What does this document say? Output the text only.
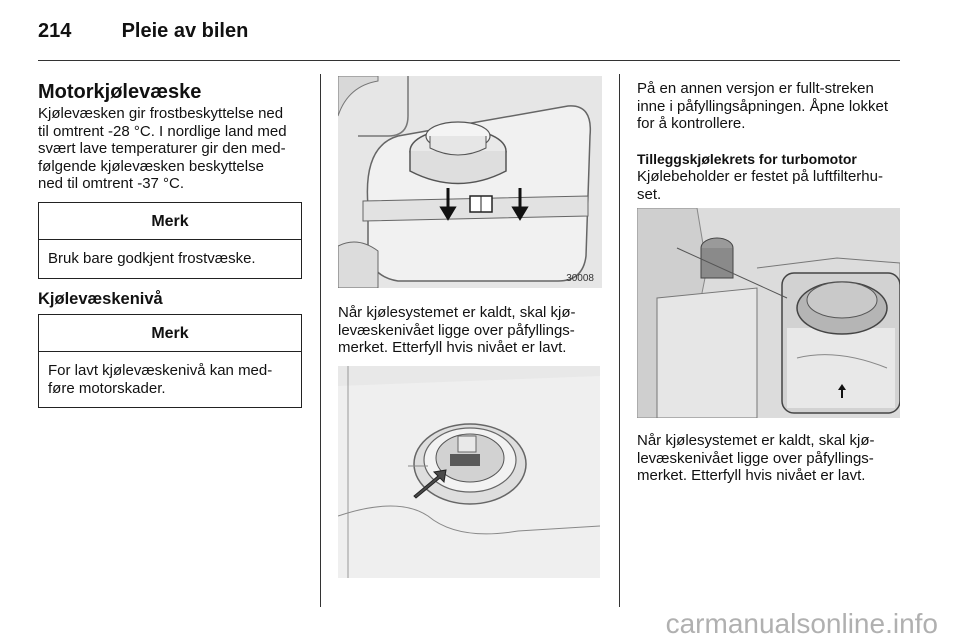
214	Pleie av bilen
Motorkjølevæske

Kjølevæsken gir frostbeskyttelse ned
til omtrent -28 °C. I nordlige land med
svært lave temperaturer gir den med-
følgende kjølevæsken beskyttelse
ned til omtrent -37 °C.

Merk
Bruk bare godkjent frostvæske.
Kjølevæskenivå
Merk
For lavt kjølevæskenivå kan med-
føre motorskader.
30008

Når kjølesystemet er kaldt, skal kjø-
levæskenivået ligge over påfyllings-
merket. Etterfyll hvis nivået er lavt.

På en annen versjon er fullt-streken
inne i påfyllingsåpningen. Åpne lokket
for å kontrollere.

Tilleggskjølekrets for turbomotor

Kjølebeholder er festet på luftfilterhu-
set.

Når kjølesystemet er kaldt, skal kjø-
levæskenivået ligge over påfyllings-
merket. Etterfyll hvis nivået er lavt.

carmanualsonline.info
